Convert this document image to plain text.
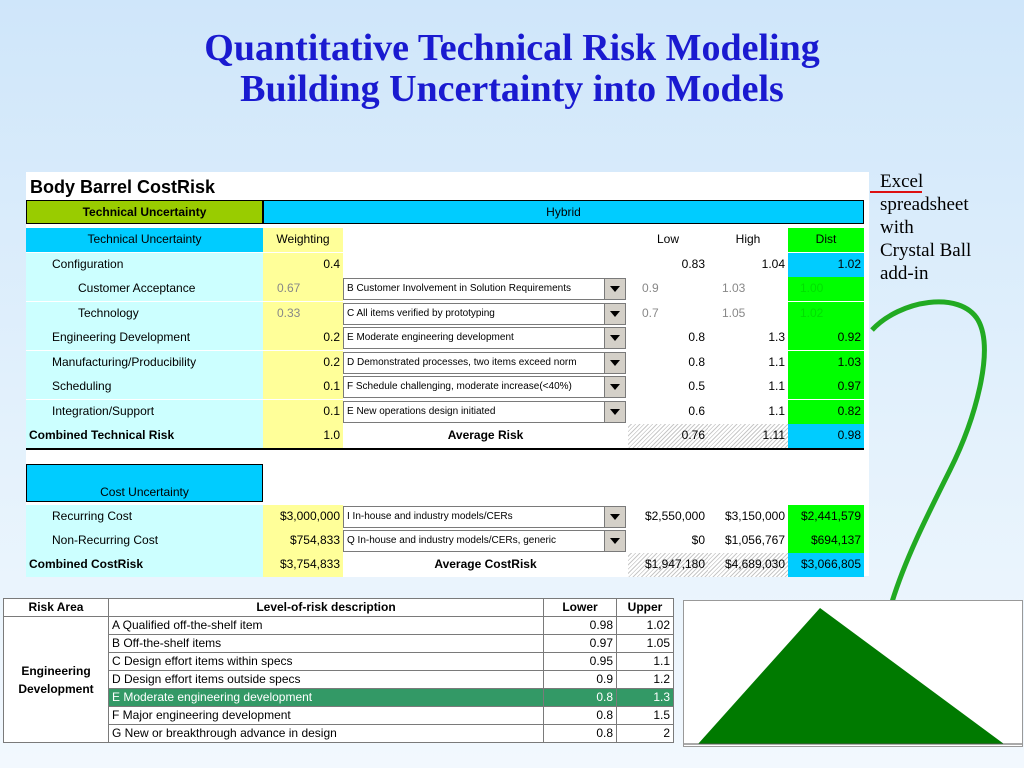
Quantitative Technical Risk Modeling
Building Uncertainty into Models
Body Barrel CostRisk
Technical Uncertainty	Hybrid
Technical Uncertainty	Weighting	Low	High	Dist
Configuration	0.4	0.83	1.04	1.02
Customer Acceptance	0.67	B Customer Involvement in Solution Requirements	0.9	1.03	1.00
Technology	0.33	C All items verified by prototyping	0.7	1.05	1.02
Engineering Development	0.2 E Moderate engineering development	0.8	1.3	0.92
Manufacturing/Producibility	0.2 D Demonstrated processes, two items exceed norm	0.8	1.1	1.03
Scheduling	0.1 F Schedule challenging, moderate increase(<40%)	0.5	1.1	0.97
Integration/Support	0.1 E New operations design initiated	0.6	1.1	0.82
Combined Technical Risk	1.0	Average Risk	0.76	1.11	0.98
Cost Uncertainty
Recurring Cost	$3,000,000 I In-house and industry models/CERs	$2,550,000	$3,150,000	$2,441,579
Non-Recurring Cost	$754,833 Q In-house and industry models/CERs, generic	$0	$1,056,767	$694,137
Combined CostRisk	$3,754,833	Average CostRisk	$1,947,180	$4,689,030	$3,066,805
Excel
spreadsheet
with
Crystal Ball
add-in
Risk Area	Level-of-risk description	Lower	Upper

Engineering
Development	A Qualified off-the-shelf item	0.98	1.02
	B Off-the-shelf items	0.97	1.05
	C Design effort items within specs	0.95	1.1
	D Design effort items outside specs	0.9	1.2
	E Moderate engineering development	0.8	1.3
	F Major engineering development	0.8	1.5
	G New or breakthrough advance in design	0.8	2
